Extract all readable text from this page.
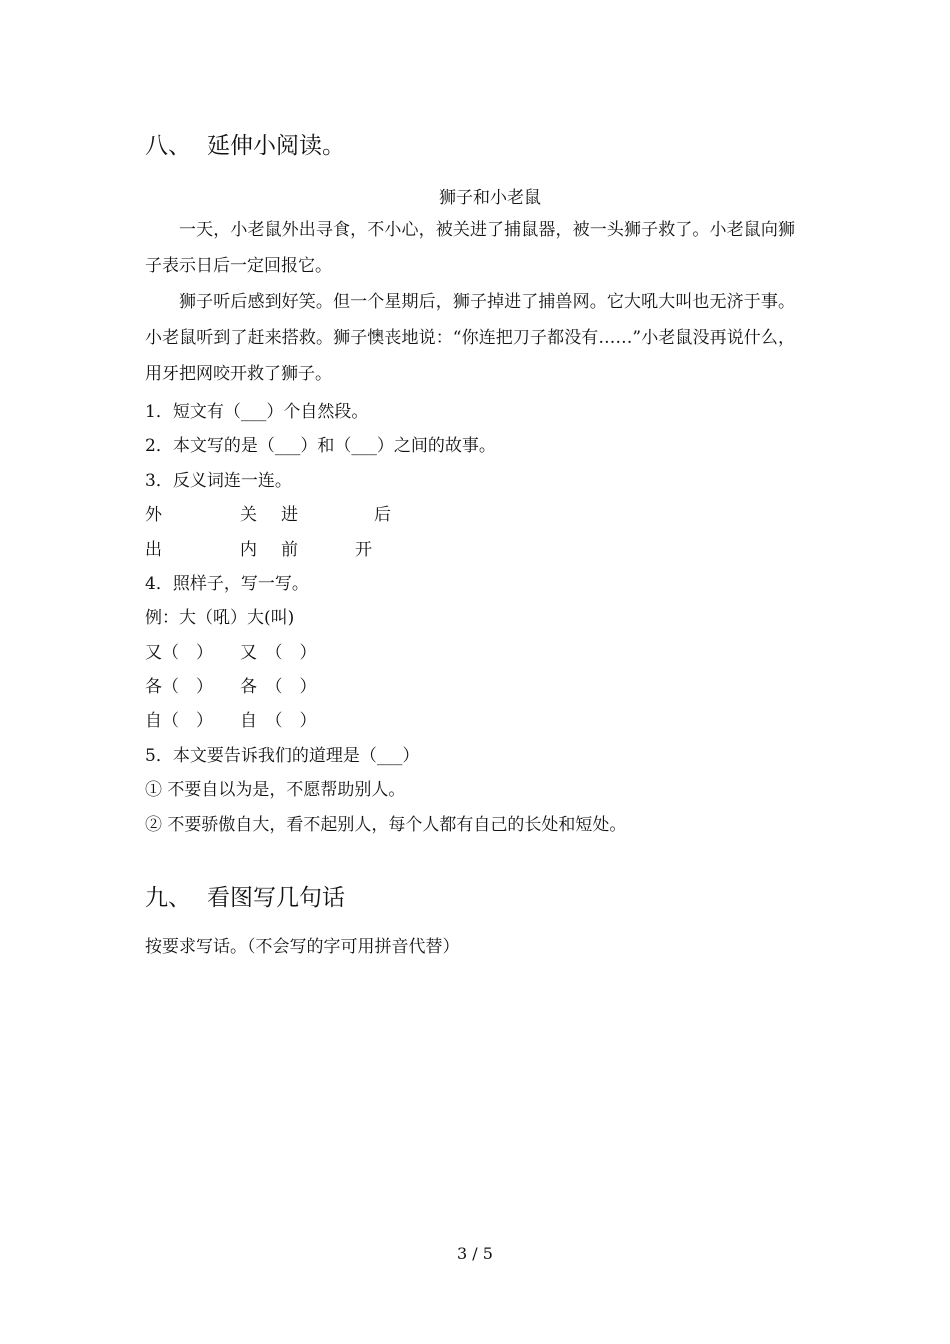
八、 延伸小阅读。
狮子和小老鼠
一天，小老鼠外出寻食，不小心，被关进了捕鼠器，被一头狮子救了。小老鼠向狮子表示日后一定回报它。
狮子听后感到好笑。但一个星期后，狮子掉进了捕兽网。它大吼大叫也无济于事。小老鼠听到了赶来搭救。狮子懊丧地说：“你连把刀子都没有……”小老鼠没再说什么，用牙把网咬开救了狮子。
1．短文有（___）个自然段。
2．本文写的是（___）和（___）之间的故事。
3．反义词连一连。
外	关 进	后
出	内 前	开
4．照样子，写一写。
例：大（吼）大(叫)
又（　） 又　（　）
各（　） 各　（　）
自（　） 自　（　）
5．本文要告诉我们的道理是（___）
① 不要自以为是，不愿帮助别人。
② 不要骄傲自大，看不起别人，每个人都有自己的长处和短处。
九、 看图写几句话
按要求写话。（不会写的字可用拼音代替）
3 / 5
